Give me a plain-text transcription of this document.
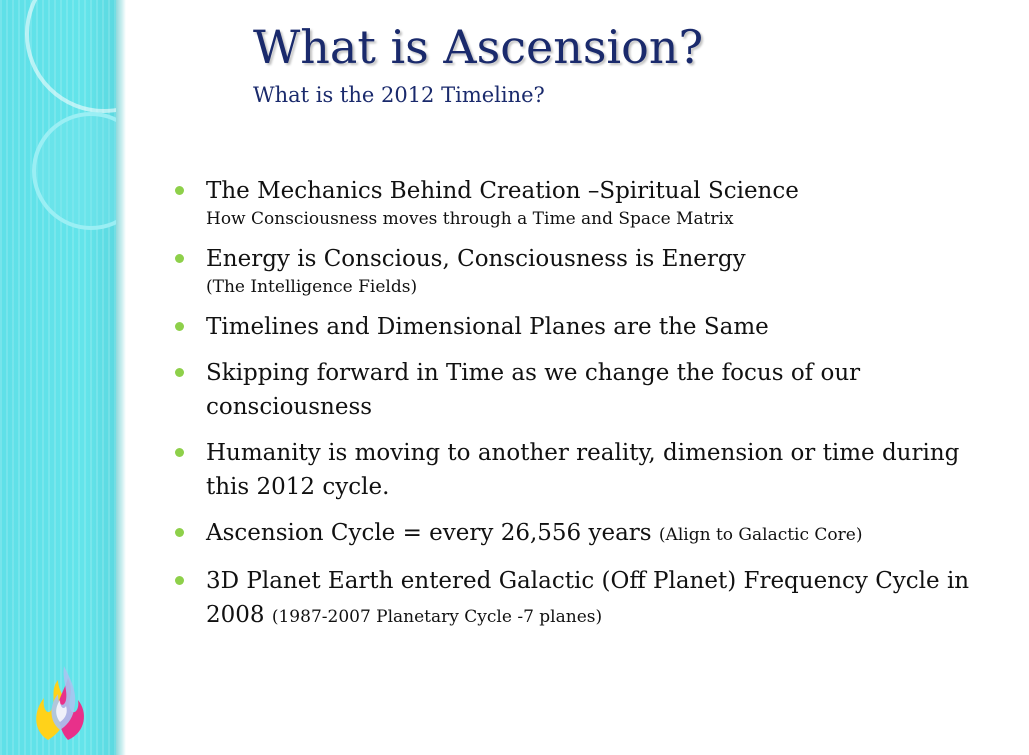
What is Ascension?
What is the 2012 Timeline?
The Mechanics Behind Creation –Spiritual Science
How Consciousness moves through a Time and Space Matrix
Energy is Conscious, Consciousness is Energy
(The Intelligence Fields)
Timelines and Dimensional Planes are the Same
Skipping forward in Time as we change the focus of our consciousness
Humanity is moving to another reality, dimension or time during this 2012 cycle.
Ascension Cycle = every 26,556 years (Align to Galactic Core)
3D Planet Earth entered Galactic (Off Planet) Frequency Cycle in 2008 (1987-2007 Planetary Cycle -7 planes)
